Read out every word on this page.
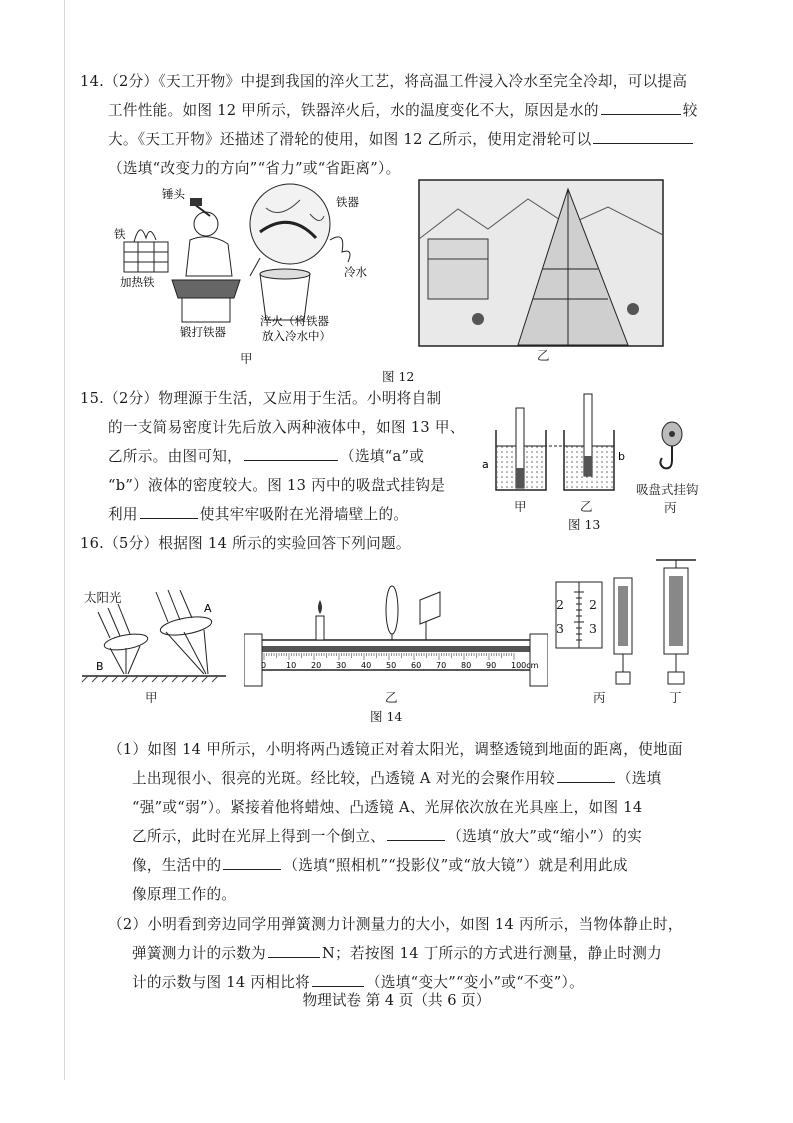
14.（2分）《天工开物》中提到我国的淬火工艺，将高温工件浸入冷水至完全冷却，可以提高
工件性能。如图 12 甲所示，铁器淬火后，水的温度变化不大，原因是水的	较
大。《天工开物》还描述了滑轮的使用，如图 12 乙所示，使用定滑轮可以
（选填“改变力的方向”“省力”或“省距离”）。
锤头
铁
加热铁
锻打铁器
铁器
冷水
淬火（将铁器
放入冷水中）
甲	乙
图 12
15.（2分）物理源于生活，又应用于生活。小明将自制
的一支简易密度计先后放入两种液体中，如图 13 甲、
乙所示。由图可知，	（选填“a”或
“b”）液体的密度较大。图 13 丙中的吸盘式挂钩是
利用	使其牢牢吸附在光滑墙壁上的。
a
b
甲	乙
吸盘式挂钩
丙
图 13
16.（5分）根据图 14 所示的实验回答下列问题。
A
B
太阳光
甲
0 10 20 30 40 50 60 70 80 90 100cm
乙
2 2
3 3
丙	丁
图 14
（1）如图 14 甲所示，小明将两凸透镜正对着太阳光，调整透镜到地面的距离，使地面
上出现很小、很亮的光斑。经比较，凸透镜 A 对光的会聚作用较	（选填
“强”或“弱”）。紧接着他将蜡烛、凸透镜 A、光屏依次放在光具座上，如图 14
乙所示，此时在光屏上得到一个倒立、	（选填“放大”或“缩小”）的实
像，生活中的	（选填“照相机”“投影仪”或“放大镜”）就是利用此成
像原理工作的。
（2）小明看到旁边同学用弹簧测力计测量力的大小，如图 14 丙所示，当物体静止时，
弹簧测力计的示数为	N；若按图 14 丁所示的方式进行测量，静止时测力
计的示数与图 14 丙相比将	（选填“变大”“变小”或“不变”）。
物理试卷 第 4 页（共 6 页）
